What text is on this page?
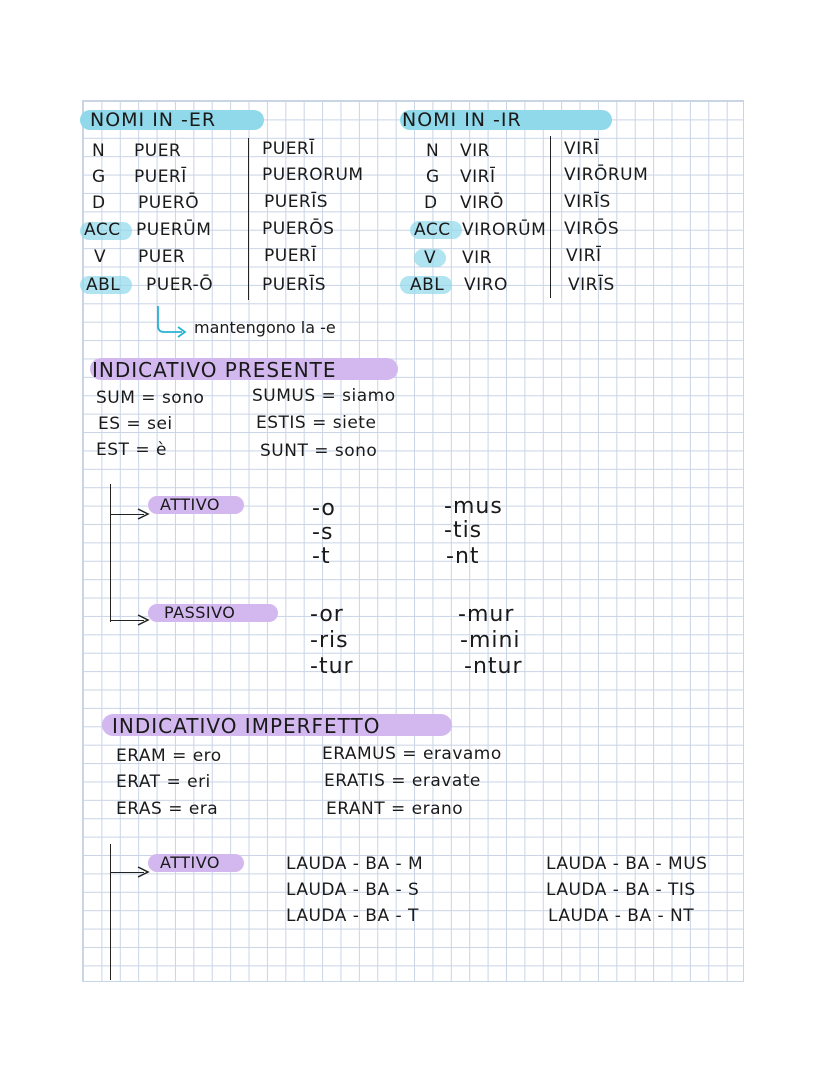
NOMI IN -ER
N
G
D
ACC
V
ABL
PUER
PUERĪ
PUERŌ
PUERŪM
PUER
PUER-Ō
PUERĪ
PUERORUM
PUERĪS
PUERŌS
PUERĪ
PUERĪS
mantengono la -e
NOMI IN -IR
N
G
D
ACC
V
ABL
VIR
VIRĪ
VIRŌ
VIRORŪM
VIR
VIRO
VIRĪ
VIRŌRUM
VIRĪS
VIRŌS
VIRĪ
VIRĪS
INDICATIVO PRESENTE
SUM = sono
ES = sei
EST = è
SUMUS = siamo
ESTIS = siete
SUNT = sono
ATTIVO
PASSIVO
-o
-s
-t
-mus
-tis
-nt
-or
-ris
-tur
-mur
-mini
-ntur
INDICATIVO IMPERFETTO
ERAM = ero
ERAT = eri
ERAS = era
ERAMUS = eravamo
ERATIS = eravate
ERANT = erano
ATTIVO	LAUDA - BA - M
LAUDA - BA - S
LAUDA - BA - T
LAUDA - BA - MUS
LAUDA - BA - TIS
LAUDA - BA - NT
